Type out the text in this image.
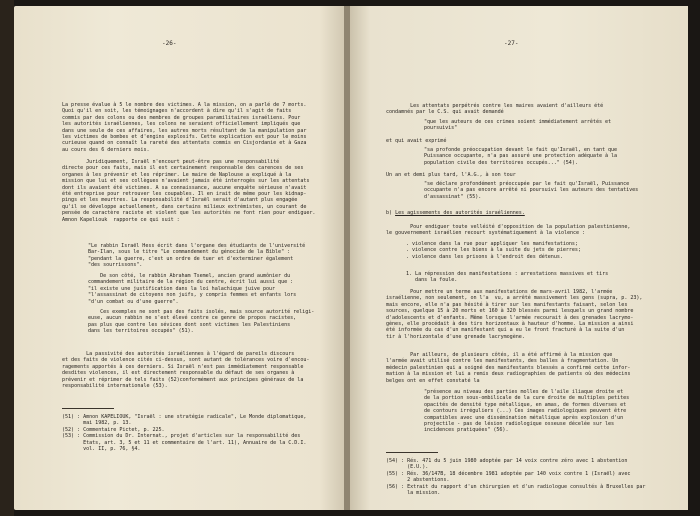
-26-
La presse évalue à 5 le nombre des victimes. A la mission, on a parlé de 7 morts.
Quoi qu'il en soit, les témoignages n'accordent à dire qu'il s'agit de faits
commis par des colons ou des membres de groupes paramilitaires israéliens. Pour
les autorités israéliennes, les colons ne seraient officiellement impliqués que
dans une seule de ces affaires, les autres morts résultant de la manipulation par
les victimes de bombes et d'engins explosifs. Cette explication est pour le moins
curieuse quand on connaît la rareté des attentats commis en Cisjordanie et à Gaza
au cours des 6 derniers mois.
Juridiquement, Israël n'encourt peut-être pas une responsabilité
directe pour ces faits, mais il est certainement responsable des carences de ses
organes à les prévenir et les réprimer. Le maire de Naplouse a expliqué à la
mission que lui et ses collègues n'avaient jamais été interrogés sur les attentats
dont ils avaient été victimes. A sa connaissance, aucune enquête sérieuse n'avait
été entreprise pour retrouver les coupables. Il en irait de même pour les kidnap-
pings et les meurtres. La responsabilité d'Israël serait d'autant plus engagée
qu'il se développe actuellement, dans certains milieux extrémistes, un courant de
pensée de caractère raciste et violent que les autorités ne font rien pour endiguer.
Amnon Kapeliouk  rapporte ce qui suit :
"Le rabbin Israël Hess écrit dans l'organe des étudiants de l'université
Bar-Ilan, sous le titre "Le commandement du génocide de la Bible" :
"pendant la guerre, c'est un ordre de tuer et d'exterminer également
"des sourrissons".
De son côté, le rabbin Abraham Tsemel, ancien grand aumônier du
commandement militaire de la région du centre, écrit lui aussi que :
"il existe une justification dans la loi halachique juive pour
"l'assassinat de citoyens non juifs, y compris femmes et enfants lors
"d'un combat ou d'une guerre".
Ces exemples ne sont pas des faits isolés, mais source autorité religi-
euse, aucun rabbin ne s'est élevé contre ce genre de propos racistes,
pas plus que contre les sévices dont sont victimes les Palestiniens
dans les territoires occupés" (51).
La passivité des autorités israéliennes à l'égard de pareils discours
et des faits de violence cités ci-dessus, sont autant de tolérances voire d'encou-
ragements apportés à ces derniers. Si Israël n'est pas immédiatement responsable
desdites violences, il est directement responsable du défaut de ses organes à
prévenir et réprimer de tels faits (52)conformément aux principes généraux de la
responsabilité internationale (53).
(51) : Amnon KAPELIOUK, "Israël : une stratégie radicale", Le Monde diplomatique,
mai 1982, p. 13.
(52) : Commentaire Pictet, p. 225.
(53) : Commission du Dr. Internat., projet d'articles sur la responsabilité des
Etats, art. 3, 5 et 11 et commentaire de l'art. 11), Annuaire de la C.D.I.
vol. II, p. 76, §4.
-27-
Les attentats perpétrés contre les maires avaient d'ailleurs été
condamnés par le C.S. qui avait demandé
"que les auteurs de ces crimes soient immédiatement arrêtés et
poursuivis"
et qui avait exprimé
"sa profonde préoccupation devant le fait qu'Israël, en tant que
Puissance occupante, n'a pas assuré une protection adéquate à la
population civile des territoires occupés..." (54).
Un an et demi plus tard, l'A.G., à son tour
"se déclare profondément préoccupée par le fait qu'Israël, Puissance
occupante n'a pas encore arrêté ni poursuivi les auteurs des tentatives
d'assassinat" (55).
b) Les agissements des autorités israéliennes.
Pour endiguer toute velléité d'opposition de la population palestinienne,
le gouvernement israélien recourt systématiquement à la violence :
. violence dans la rue pour appliquer les manifestations;
. violence contre les biens à la suite du jets de pierres;
. violence dans les prisons à l'endroit des détenus.
1. La répression des manifestations : arrestations massives et tirs
dans la foule.
Pour mettre un terme aux manifestations de mars-avril 1982, l'armée
israélienne, non seulement, on l'a  vu, a arrêté massivement les gens (supra, p. 23),
mais encore, elle n'a pas hésité à tirer sur les manifestants faisant, selon les
sources, quelque 15 à 20 morts et 160 à 320 blessés parmi lesquels un grand nombre
d'adolescents et d'enfants. Même lorsque l'armée recourait à des grenades lacrymo-
gènes, elle procédait à des tirs horizontaux à hauteur d'homme. La mission a ainsi
été informée du cas d'un manifestant qui a eu le front fracturé à la suite d'un
tir à l'horizontale d'une grenade lacrymogène.
Par ailleurs, de plusieurs côtés, il a été affirmé à la mission que
l'armée avait utilisé contre les manifestants, des balles à fragmentation. Un
médecin palestinien qui a soigné des manifestants blessés a confirmé cette infor-
mation à la mission et lui a remis deux radiographies de patients où des médecins
belges ont en effet constaté la
"présence au niveau des parties molles de l'aile iliaque droite et
de la portion sous-ombilicale de la cure droite de multiples petites
opacités de densité type métallique, en amas, de formes diverses et
de contours irréguliers (...) Ces images radiologiques peuvent être
compatibles avec une dissémination métallique après explosion d'un
projectile - pas de lésion radiologique osseuse décelée sur les
incidences pratiquées" (56).
(54) : Rés. 471 du 5 juin 1980 adoptée par 14 voix contre zéro avec 1 abstention
(E.U.).
(55) : Rés. 36/147B, 18 décembre 1981 adoptée par 140 voix contre 1 (Israël) avec
2 abstentions.
(56) : Extrait du rapport d'un chirurgien et d'un radiologue consultés à Bruxelles par
la mission.
